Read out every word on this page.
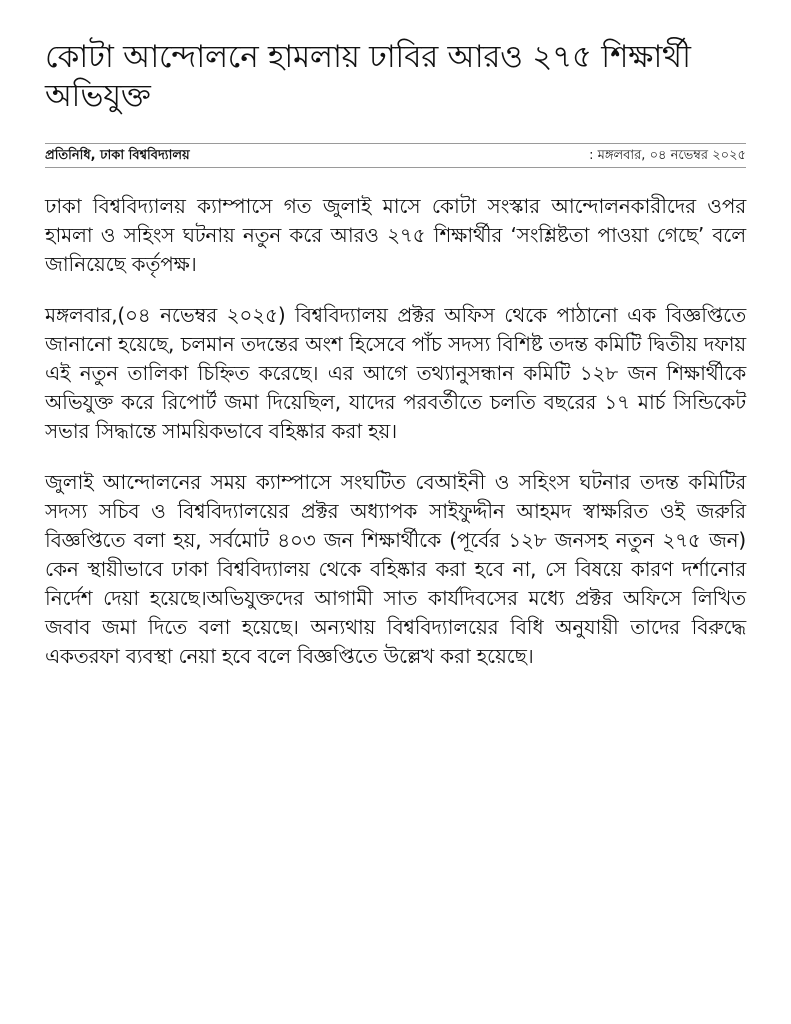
কোটা আন্দোলনে হামলায় ঢাবির আরও ২৭৫ শিক্ষার্থী অভিযুক্ত
প্রতিনিধি, ঢাকা বিশ্ববিদ্যালয়	: মঙ্গলবার, ০৪ নভেম্বর ২০২৫

ঢাকা বিশ্ববিদ্যালয় ক্যাম্পাসে গত জুলাই মাসে কোটা সংস্কার আন্দোলনকারীদের ওপর হামলা ও সহিংস ঘটনায় নতুন করে আরও ২৭৫ শিক্ষার্থীর ‘সংশ্লিষ্টতা পাওয়া গেছে’ বলে জানিয়েছে কর্তৃপক্ষ।

মঙ্গলবার,(০৪ নভেম্বর ২০২৫) বিশ্ববিদ্যালয় প্রক্টর অফিস থেকে পাঠানো এক বিজ্ঞপ্তিতে জানানো হয়েছে, চলমান তদন্তের অংশ হিসেবে পাঁচ সদস্য বিশিষ্ট তদন্ত কমিটি দ্বিতীয় দফায় এই নতুন তালিকা চিহ্নিত করেছে। এর আগে তথ্যানুসন্ধান কমিটি ১২৮ জন শিক্ষার্থীকে অভিযুক্ত করে রিপোর্ট জমা দিয়েছিল, যাদের পরবর্তীতে চলতি বছরের ১৭ মার্চ সিন্ডিকেট সভার সিদ্ধান্তে সাময়িকভাবে বহিষ্কার করা হয়।

জুলাই আন্দোলনের সময় ক্যাম্পাসে সংঘটিত বেআইনী ও সহিংস ঘটনার তদন্ত কমিটির সদস্য সচিব ও বিশ্ববিদ্যালয়ের প্রক্টর অধ্যাপক সাইফুদ্দীন আহমদ স্বাক্ষরিত ওই জরুরি বিজ্ঞপ্তিতে বলা হয়, সর্বমোট ৪০৩ জন শিক্ষার্থীকে (পূর্বের ১২৮ জনসহ নতুন ২৭৫ জন) কেন স্থায়ীভাবে ঢাকা বিশ্ববিদ্যালয় থেকে বহিষ্কার করা হবে না, সে বিষয়ে কারণ দর্শানোর নির্দেশ দেয়া হয়েছে।অভিযুক্তদের আগামী সাত কার্যদিবসের মধ্যে প্রক্টর অফিসে লিখিত জবাব জমা দিতে বলা হয়েছে। অন্যথায় বিশ্ববিদ্যালয়ের বিধি অনুযায়ী তাদের বিরুদ্ধে একতরফা ব্যবস্থা নেয়া হবে বলে বিজ্ঞপ্তিতে উল্লেখ করা হয়েছে।
